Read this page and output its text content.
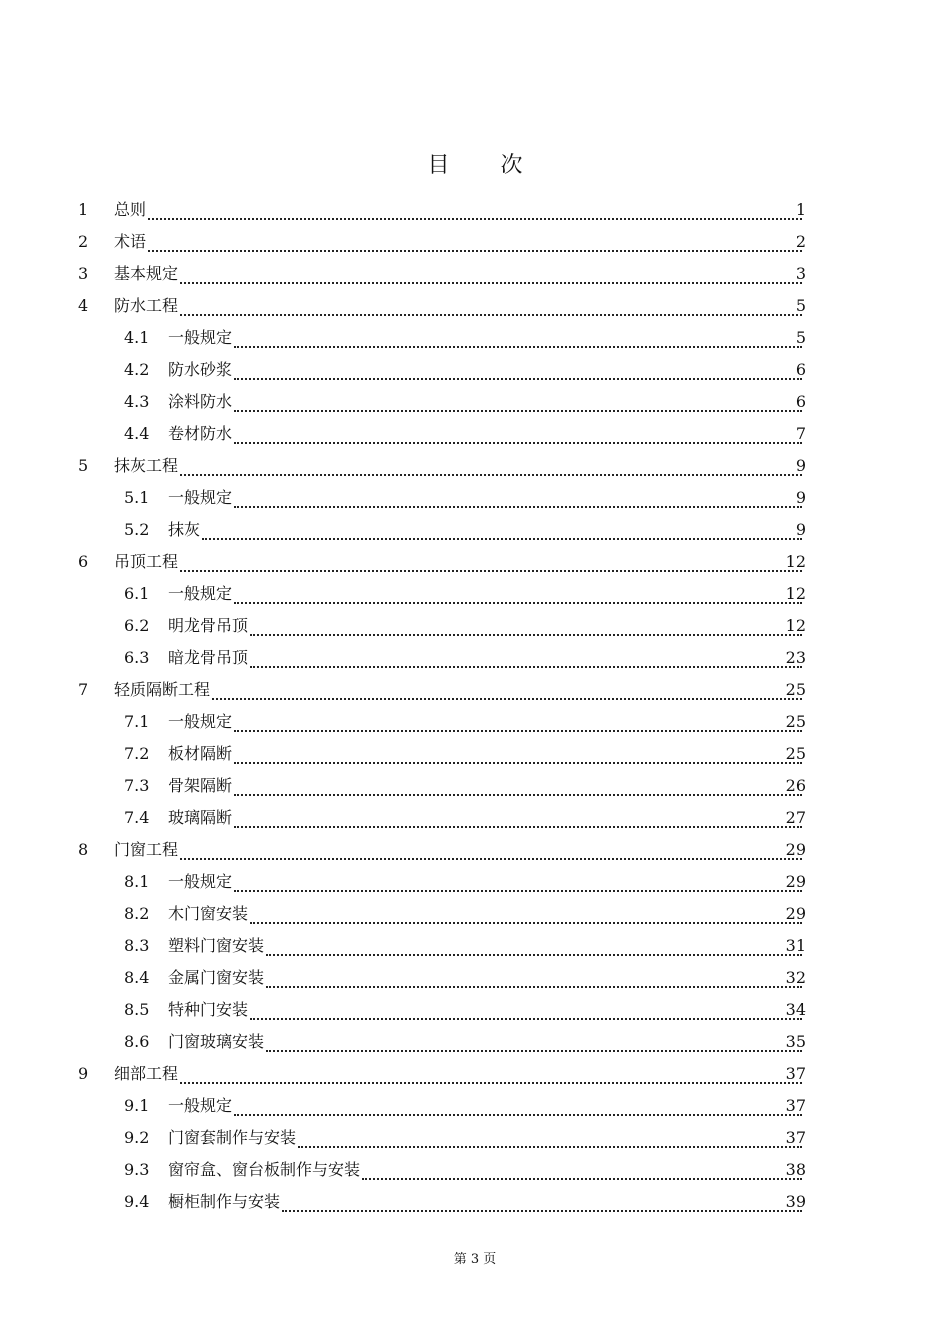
目 次
1 总则	1
2 术语	2
3 基本规定	3
4 防水工程	5
4.1 一般规定	5
4.2 防水砂浆	6
4.3 涂料防水	6
4.4 卷材防水	7
5 抹灰工程	9
5.1 一般规定	9
5.2 抹灰	9
6 吊顶工程	12
6.1 一般规定	12
6.2 明龙骨吊顶	12
6.3 暗龙骨吊顶	23
7 轻质隔断工程	25
7.1 一般规定	25
7.2 板材隔断	25
7.3 骨架隔断	26
7.4 玻璃隔断	27
8 门窗工程	29
8.1 一般规定	29
8.2 木门窗安装	29
8.3 塑料门窗安装	31
8.4 金属门窗安装	32
8.5 特种门安装	34
8.6 门窗玻璃安装	35
9 细部工程	37
9.1 一般规定	37
9.2 门窗套制作与安装	37
9.3 窗帘盒、窗台板制作与安装	38
9.4 橱柜制作与安装	39
第 3 页
